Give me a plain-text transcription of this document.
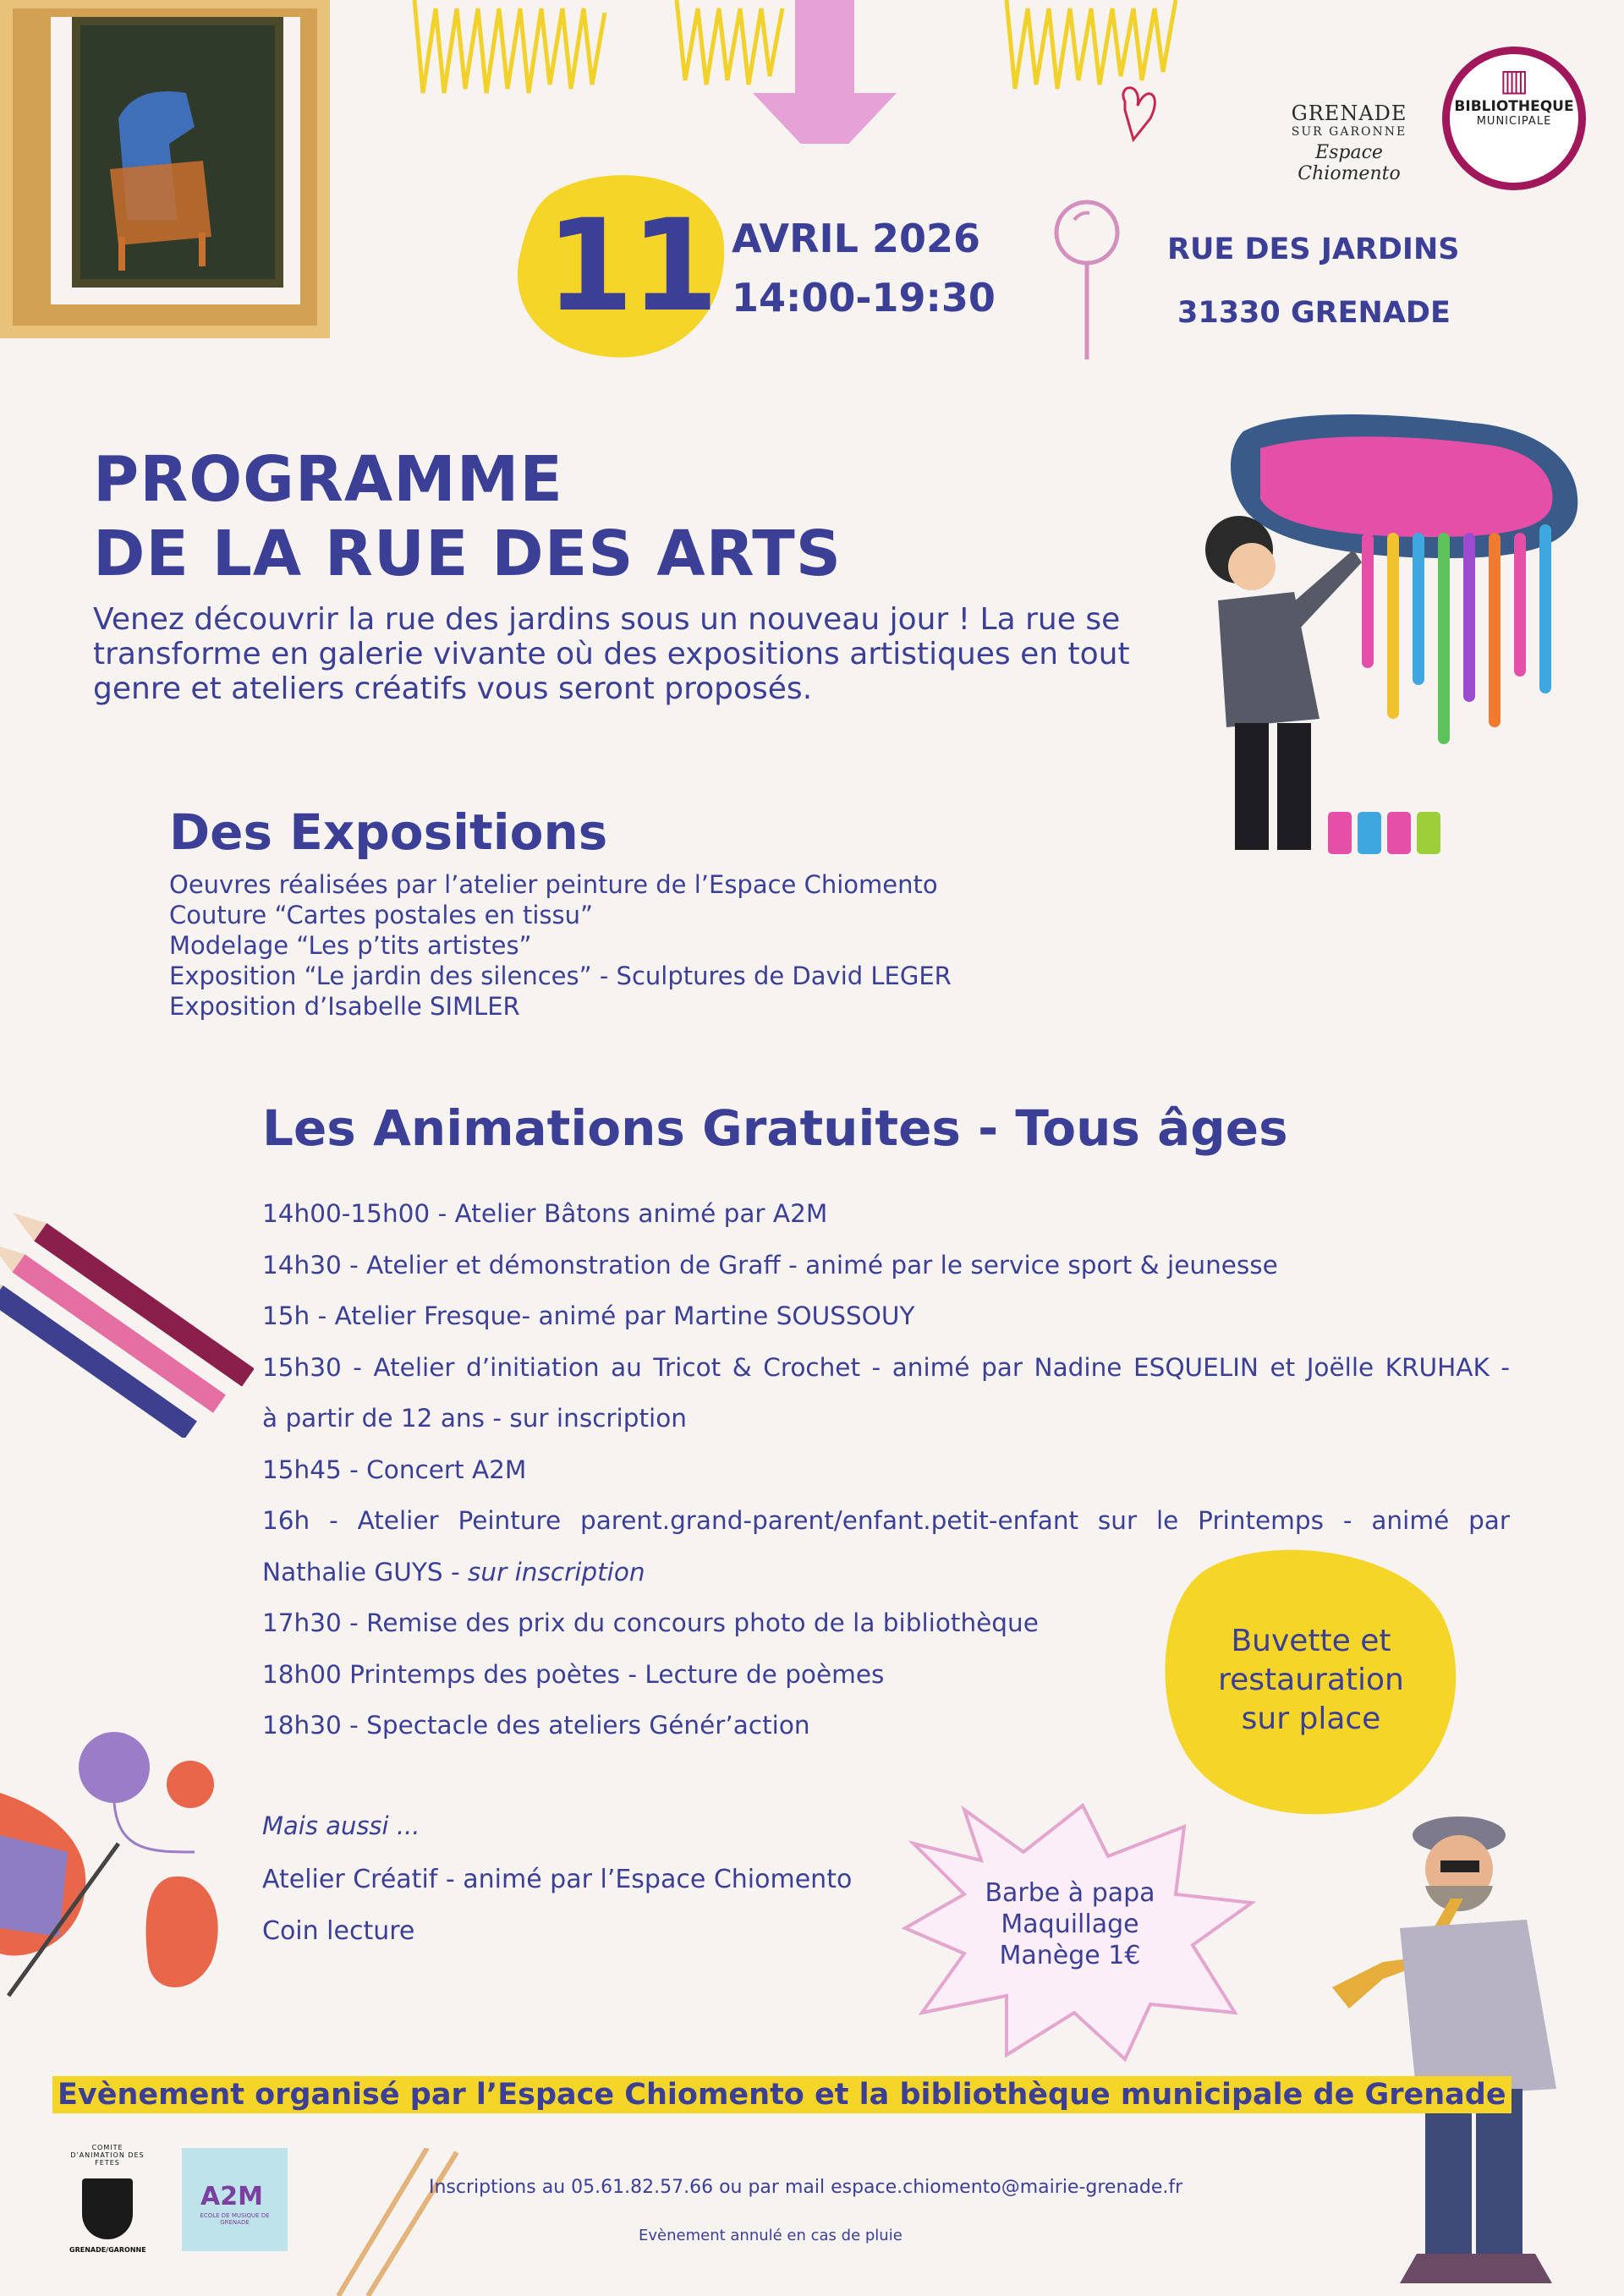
GRENADE
SUR GARONNE
Espace
Chiomento
▥
BIBLIOTHEQUE
MUNICIPALE
11 AVRIL 2026
14:00-19:30
RUE DES JARDINS
31330 GRENADE
PROGRAMME
DE LA RUE DES ARTS
Venez découvrir la rue des jardins sous un nouveau jour ! La rue se transforme en galerie vivante où des expositions artistiques en tout genre et ateliers créatifs vous seront proposés.
Des Expositions
Oeuvres réalisées par l’atelier peinture de l’Espace Chiomento
Couture “Cartes postales en tissu”
Modelage “Les p’tits artistes”
Exposition “Le jardin des silences” - Sculptures de David LEGER
Exposition d’Isabelle SIMLER
Les Animations Gratuites - Tous âges
14h00-15h00 - Atelier Bâtons animé par A2M
14h30 - Atelier et démonstration de Graff - animé par le service sport & jeunesse
15h - Atelier Fresque- animé par Martine SOUSSOUY
15h30 - Atelier d’initiation au Tricot & Crochet - animé par Nadine ESQUELIN et Joëlle KRUHAK -
à partir de 12 ans - sur inscription
15h45 - Concert A2M
16h - Atelier Peinture parent.grand-parent/enfant.petit-enfant sur le Printemps - animé par
Nathalie GUYS - sur inscription
17h30 - Remise des prix du concours photo de la bibliothèque
18h00 Printemps des poètes - Lecture de poèmes
18h30 - Spectacle des ateliers Génér’action
Buvette et
restauration
sur place
Mais aussi ...
Atelier Créatif - animé par l’Espace Chiomento
Coin lecture
Barbe à papa
Maquillage
Manège 1€
Evènement organisé par l’Espace Chiomento et la bibliothèque municipale de Grenade
COMITE D'ANIMATION DES FETES
GRENADE/GARONNE
A2M
ECOLE DE MUSIQUE DE GRENADE
Inscriptions au 05.61.82.57.66 ou par mail espace.chiomento@mairie-grenade.fr
Evènement annulé en cas de pluie
